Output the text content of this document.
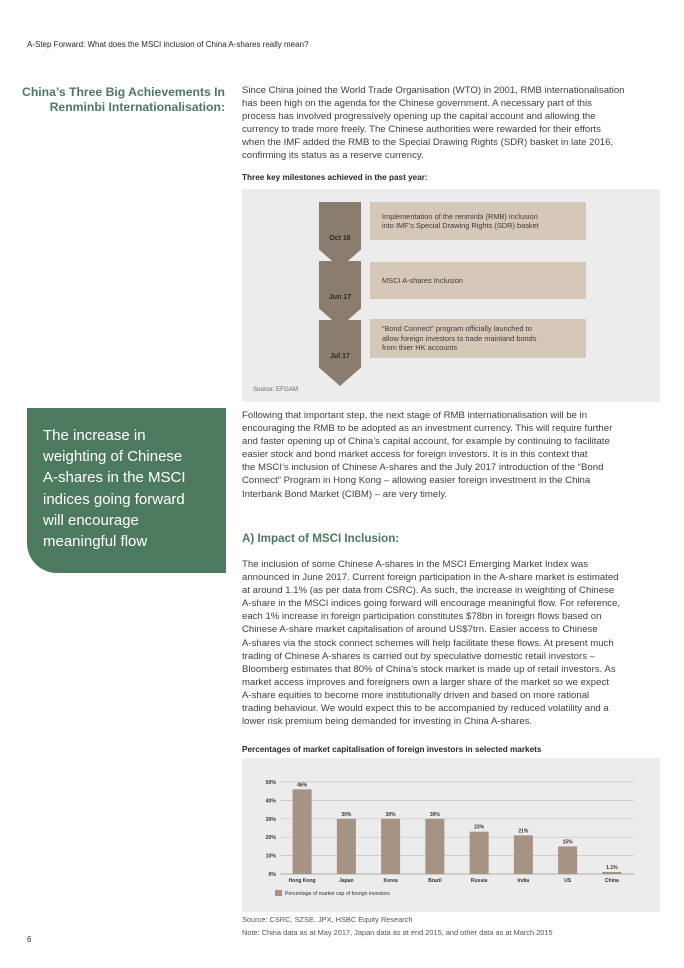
A-Step Forward: What does the MSCI inclusion of China A-shares really mean?
China’s Three Big Achievements In Renminbi Internationalisation:
Since China joined the World Trade Organisation (WTO) in 2001, RMB internationalisation
has been high on the agenda for the Chinese government. A necessary part of this
process has involved progressively opening up the capital account and allowing the
currency to trade more freely. The Chinese authorities were rewarded for their efforts
when the IMF added the RMB to the Special Drawing Rights (SDR) basket in late 2016,
confirming its status as a reserve currency.
Three key milestones achieved in the past year:
Oct 16
Implementation of the renminbi (RMB) inclusion
into IMF’s Special Drawing Rights (SDR) basket
Jun 17
MSCI A-shares Inclusion
Jul 17
“Bond Connect” program officially launched to
allow foreign investors to trade mainland bonds
from thier HK accounts
Source: EFGAM
The increase in
weighting of Chinese
A-shares in the MSCI
indices going forward
will encourage
meaningful flow
Following that important step, the next stage of RMB internationalisation will be in
encouraging the RMB to be adopted as an investment currency. This will require further
and faster opening up of China’s capital account, for example by continuing to facilitate
easier stock and bond market access for foreign investors. It is in this context that
the MSCI’s inclusion of Chinese A-shares and the July 2017 introduction of the “Bond
Connect” Program in Hong Kong – allowing easier foreign investment in the China
Interbank Bond Market (CIBM) – are very timely.
A) Impact of MSCI Inclusion:
The inclusion of some Chinese A-shares in the MSCI Emerging Market Index was
announced in June 2017. Current foreign participation in the A-share market is estimated
at around 1.1% (as per data from CSRC). As such, the increase in weighting of Chinese
A-share in the MSCI indices going forward will encourage meaningful flow. For reference,
each 1% increase in foreign participation constitutes $78bn in foreign flows based on
Chinese A-share market capitalisation of around US$7trn. Easier access to Chinese
A-shares via the stock connect schemes will help facilitate these flows. At present much
trading of Chinese A-shares is carried out by speculative domestic retail investors –
Bloomberg estimates that 80% of China’s stock market is made up of retail investors. As
market access improves and foreigners own a larger share of the market so we expect
A-share equities to become more institutionally driven and based on more rational
trading behaviour. We would expect this to be accompanied by reduced volatility and a
lower risk premium being demanded for investing in China A-shares.
Percentages of market capitalisation of foreign investors in selected markets
0%
10%
20%
30%
40%
50%	46%
Hong Kong
30%
Japan
30%
Korea
30%
Brazil
23%
Russia
21%
India
15%
US
1.1%
China
Percentage of market cap of foreign investors
Source: CSRC, SZSE, JPX, HSBC Equity Research
Note: China data as at May 2017, Japan data as at end 2015, and other data as at March 2015
6
